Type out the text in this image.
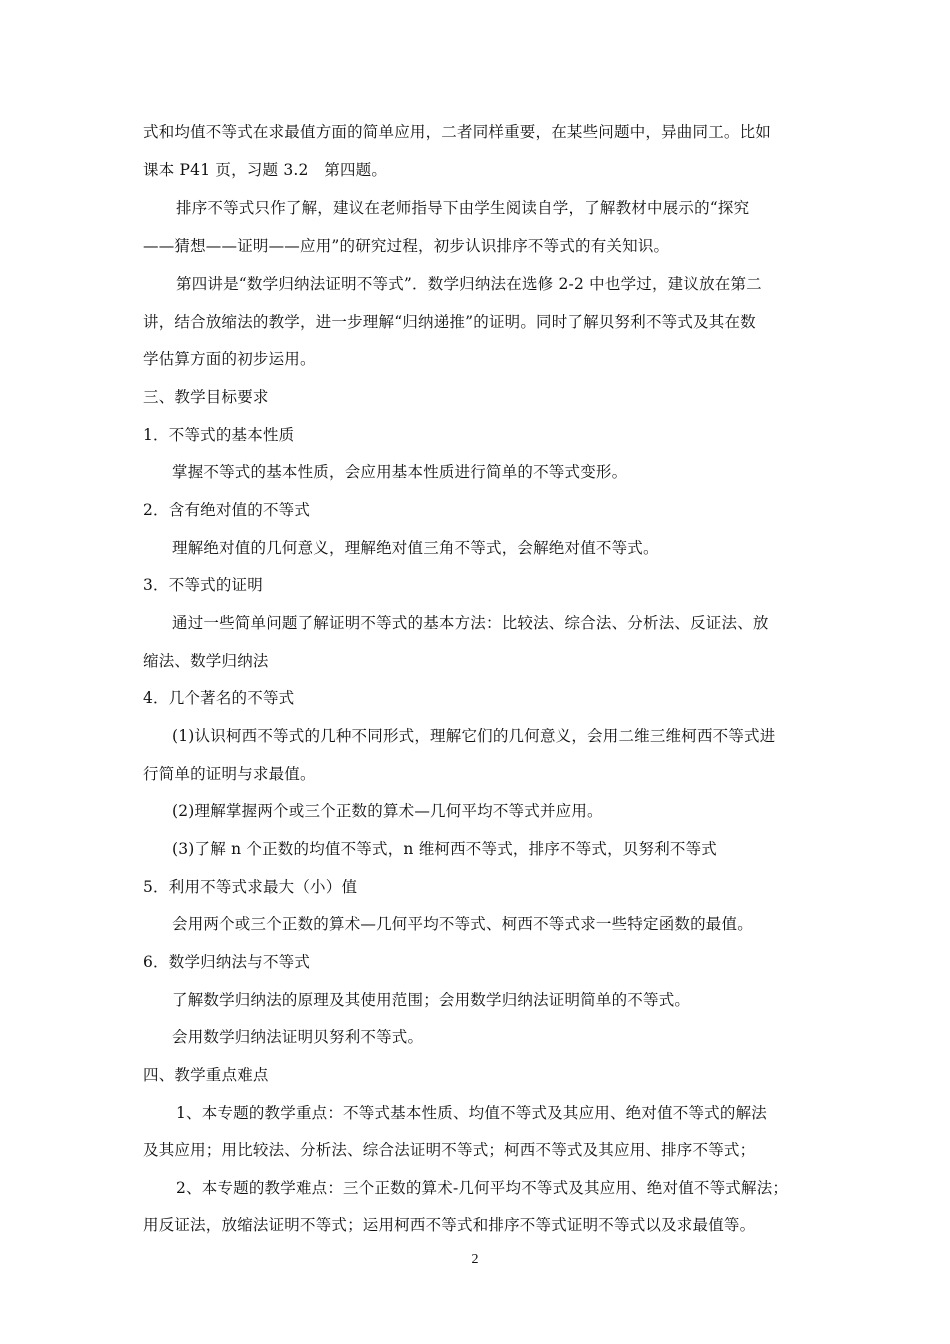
式和均值不等式在求最值方面的简单应用，二者同样重要，在某些问题中，异曲同工。比如
课本 P41 页，习题 3.2　第四题。
排序不等式只作了解，建议在老师指导下由学生阅读自学，了解教材中展示的“探究
——猜想——证明——应用”的研究过程，初步认识排序不等式的有关知识。
第四讲是“数学归纳法证明不等式”．数学归纳法在选修 2-2 中也学过，建议放在第二
讲，结合放缩法的教学，进一步理解“归纳递推”的证明。同时了解贝努利不等式及其在数
学估算方面的初步运用。
三、教学目标要求
1．不等式的基本性质
掌握不等式的基本性质，会应用基本性质进行简单的不等式变形。
2．含有绝对值的不等式
理解绝对值的几何意义，理解绝对值三角不等式，会解绝对值不等式。
3．不等式的证明
通过一些简单问题了解证明不等式的基本方法：比较法、综合法、分析法、反证法、放
缩法、数学归纳法
4．几个著名的不等式
(1)认识柯西不等式的几种不同形式，理解它们的几何意义，会用二维三维柯西不等式进
行简单的证明与求最值。
(2)理解掌握两个或三个正数的算术—几何平均不等式并应用。
(3)了解 n 个正数的均值不等式，n 维柯西不等式，排序不等式，贝努利不等式
5．利用不等式求最大（小）值
会用两个或三个正数的算术—几何平均不等式、柯西不等式求一些特定函数的最值。
6．数学归纳法与不等式
了解数学归纳法的原理及其使用范围；会用数学归纳法证明简单的不等式。
会用数学归纳法证明贝努利不等式。
四、教学重点难点
1、本专题的教学重点：不等式基本性质、均值不等式及其应用、绝对值不等式的解法
及其应用；用比较法、分析法、综合法证明不等式；柯西不等式及其应用、排序不等式；
2、本专题的教学难点：三个正数的算术-几何平均不等式及其应用、绝对值不等式解法；
用反证法，放缩法证明不等式；运用柯西不等式和排序不等式证明不等式以及求最值等。
2
